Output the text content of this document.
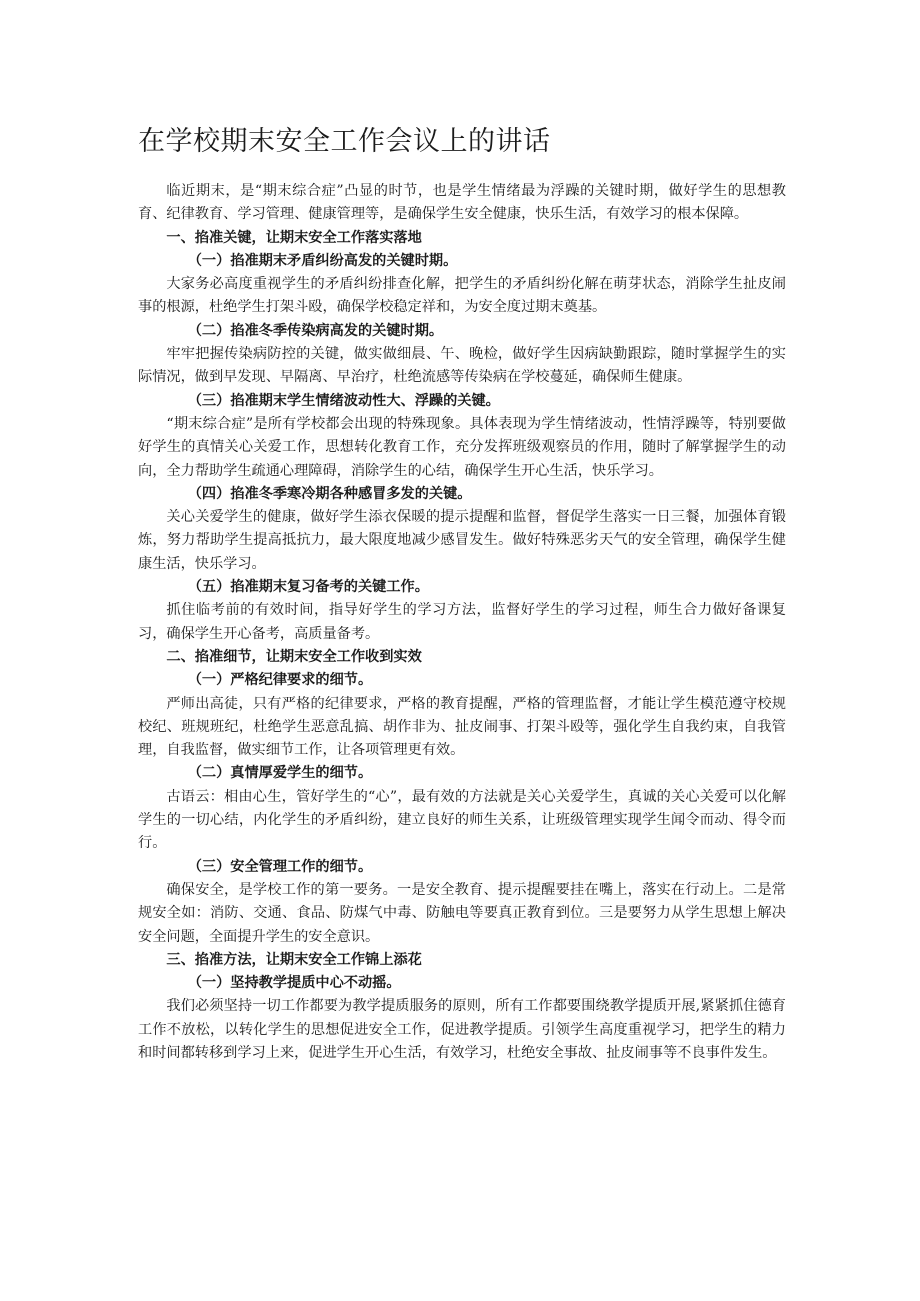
在学校期末安全工作会议上的讲话

临近期末，是“期末综合症”凸显的时节，也是学生情绪最为浮躁的关键时期，做好学生的思想教育、纪律教育、学习管理、健康管理等，是确保学生安全健康，快乐生活，有效学习的根本保障。

一、掐准关键，让期末安全工作落实落地

（一）掐准期末矛盾纠纷高发的关键时期。

大家务必高度重视学生的矛盾纠纷排查化解，把学生的矛盾纠纷化解在萌芽状态，消除学生扯皮闹事的根源，杜绝学生打架斗殴，确保学校稳定祥和，为安全度过期末奠基。

（二）掐准冬季传染病高发的关键时期。

牢牢把握传染病防控的关键，做实做细晨、午、晚检，做好学生因病缺勤跟踪，随时掌握学生的实际情况，做到早发现、早隔离、早治疗，杜绝流感等传染病在学校蔓延，确保师生健康。

（三）掐准期末学生情绪波动性大、浮躁的关键。

“期末综合症”是所有学校都会出现的特殊现象。具体表现为学生情绪波动，性情浮躁等，特别要做好学生的真情关心关爱工作，思想转化教育工作，充分发挥班级观察员的作用，随时了解掌握学生的动向，全力帮助学生疏通心理障碍，消除学生的心结，确保学生开心生活，快乐学习。

（四）掐准冬季寒冷期各种感冒多发的关键。

关心关爱学生的健康，做好学生添衣保暖的提示提醒和监督，督促学生落实一日三餐，加强体育锻炼，努力帮助学生提高抵抗力，最大限度地减少感冒发生。做好特殊恶劣天气的安全管理，确保学生健康生活，快乐学习。

（五）掐准期末复习备考的关键工作。

抓住临考前的有效时间，指导好学生的学习方法，监督好学生的学习过程，师生合力做好备课复习，确保学生开心备考，高质量备考。

二、掐准细节，让期末安全工作收到实效

（一）严格纪律要求的细节。

严师出高徒，只有严格的纪律要求，严格的教育提醒，严格的管理监督，才能让学生模范遵守校规校纪、班规班纪，杜绝学生恶意乱搞、胡作非为、扯皮闹事、打架斗殴等，强化学生自我约束，自我管理，自我监督，做实细节工作，让各项管理更有效。

（二）真情厚爱学生的细节。

古语云：相由心生，管好学生的“心”，最有效的方法就是关心关爱学生，真诚的关心关爱可以化解学生的一切心结，内化学生的矛盾纠纷，建立良好的师生关系，让班级管理实现学生闻令而动、得令而行。

（三）安全管理工作的细节。

确保安全，是学校工作的第一要务。一是安全教育、提示提醒要挂在嘴上，落实在行动上。二是常规安全如：消防、交通、食品、防煤气中毒、防触电等要真正教育到位。三是要努力从学生思想上解决安全问题，全面提升学生的安全意识。

三、掐准方法，让期末安全工作锦上添花

（一）坚持教学提质中心不动摇。

我们必须坚持一切工作都要为教学提质服务的原则，所有工作都要围绕教学提质开展,紧紧抓住德育工作不放松，以转化学生的思想促进安全工作，促进教学提质。引领学生高度重视学习，把学生的精力和时间都转移到学习上来，促进学生开心生活，有效学习，杜绝安全事故、扯皮闹事等不良事件发生。
